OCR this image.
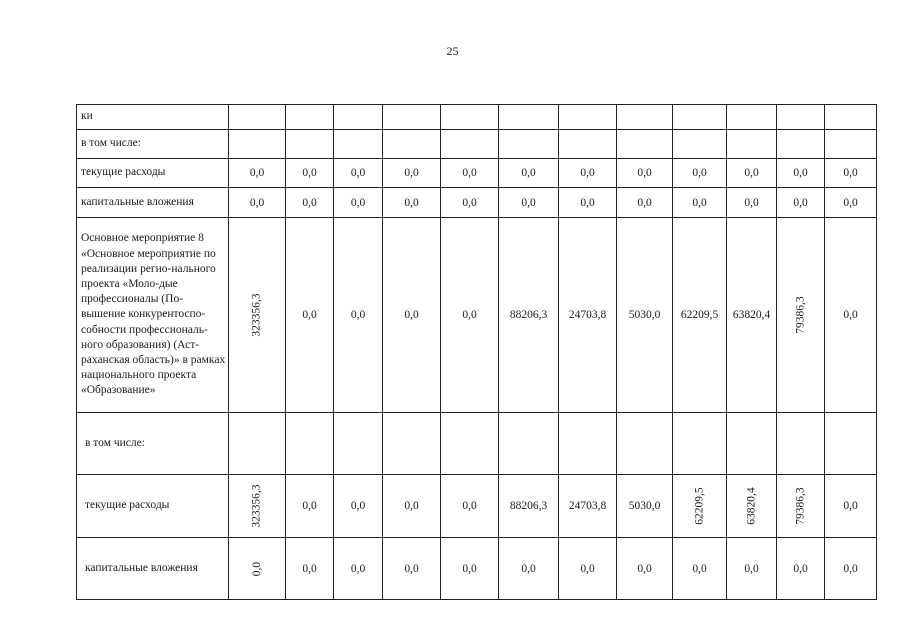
25
ки												
в том числе:												
текущие расходы	0,0	0,0	0,0	0,0	0,0	0,0	0,0	0,0	0,0	0,0	0,0	0,0
капитальные вложения	0,0	0,0	0,0	0,0	0,0	0,0	0,0	0,0	0,0	0,0	0,0	0,0
Основное мероприятие 8 «Основное мероприятие по реализации регио-нального проекта «Моло-дые профессионалы (По-вышение конкурентоспо-собности профессиональ-ного образования) (Аст-раханская область)» в рамках национального проекта «Образование»	323356,3	0,0	0,0	0,0	0,0	88206,3	24703,8	5030,0	62209,5	63820,4	79386,3	0,0
в том числе:												
текущие расходы	323356,3	0,0	0,0	0,0	0,0	88206,3	24703,8	5030,0	62209,5	63820,4	79386,3	0,0
капитальные вложения	0,0	0,0	0,0	0,0	0,0	0,0	0,0	0,0	0,0	0,0	0,0	0,0
